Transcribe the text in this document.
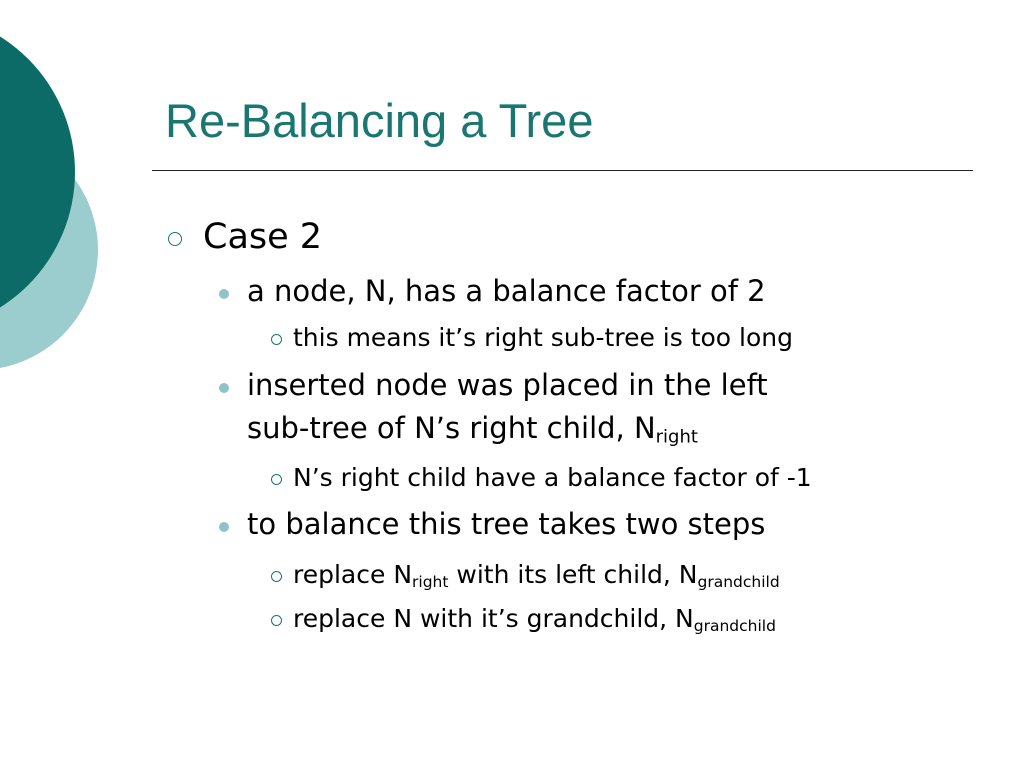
Re-Balancing a Tree
Case 2
a node, N, has a balance factor of 2
this means it’s right sub-tree is too long
inserted node was placed in the left
sub-tree of N’s right child, $N_{right}$
N’s right child have a balance factor of -1
to balance this tree takes two steps
replace $N_{right}$ with its left child, $N_{grandchild}$
replace N with it’s grandchild, $N_{grandchild}$
